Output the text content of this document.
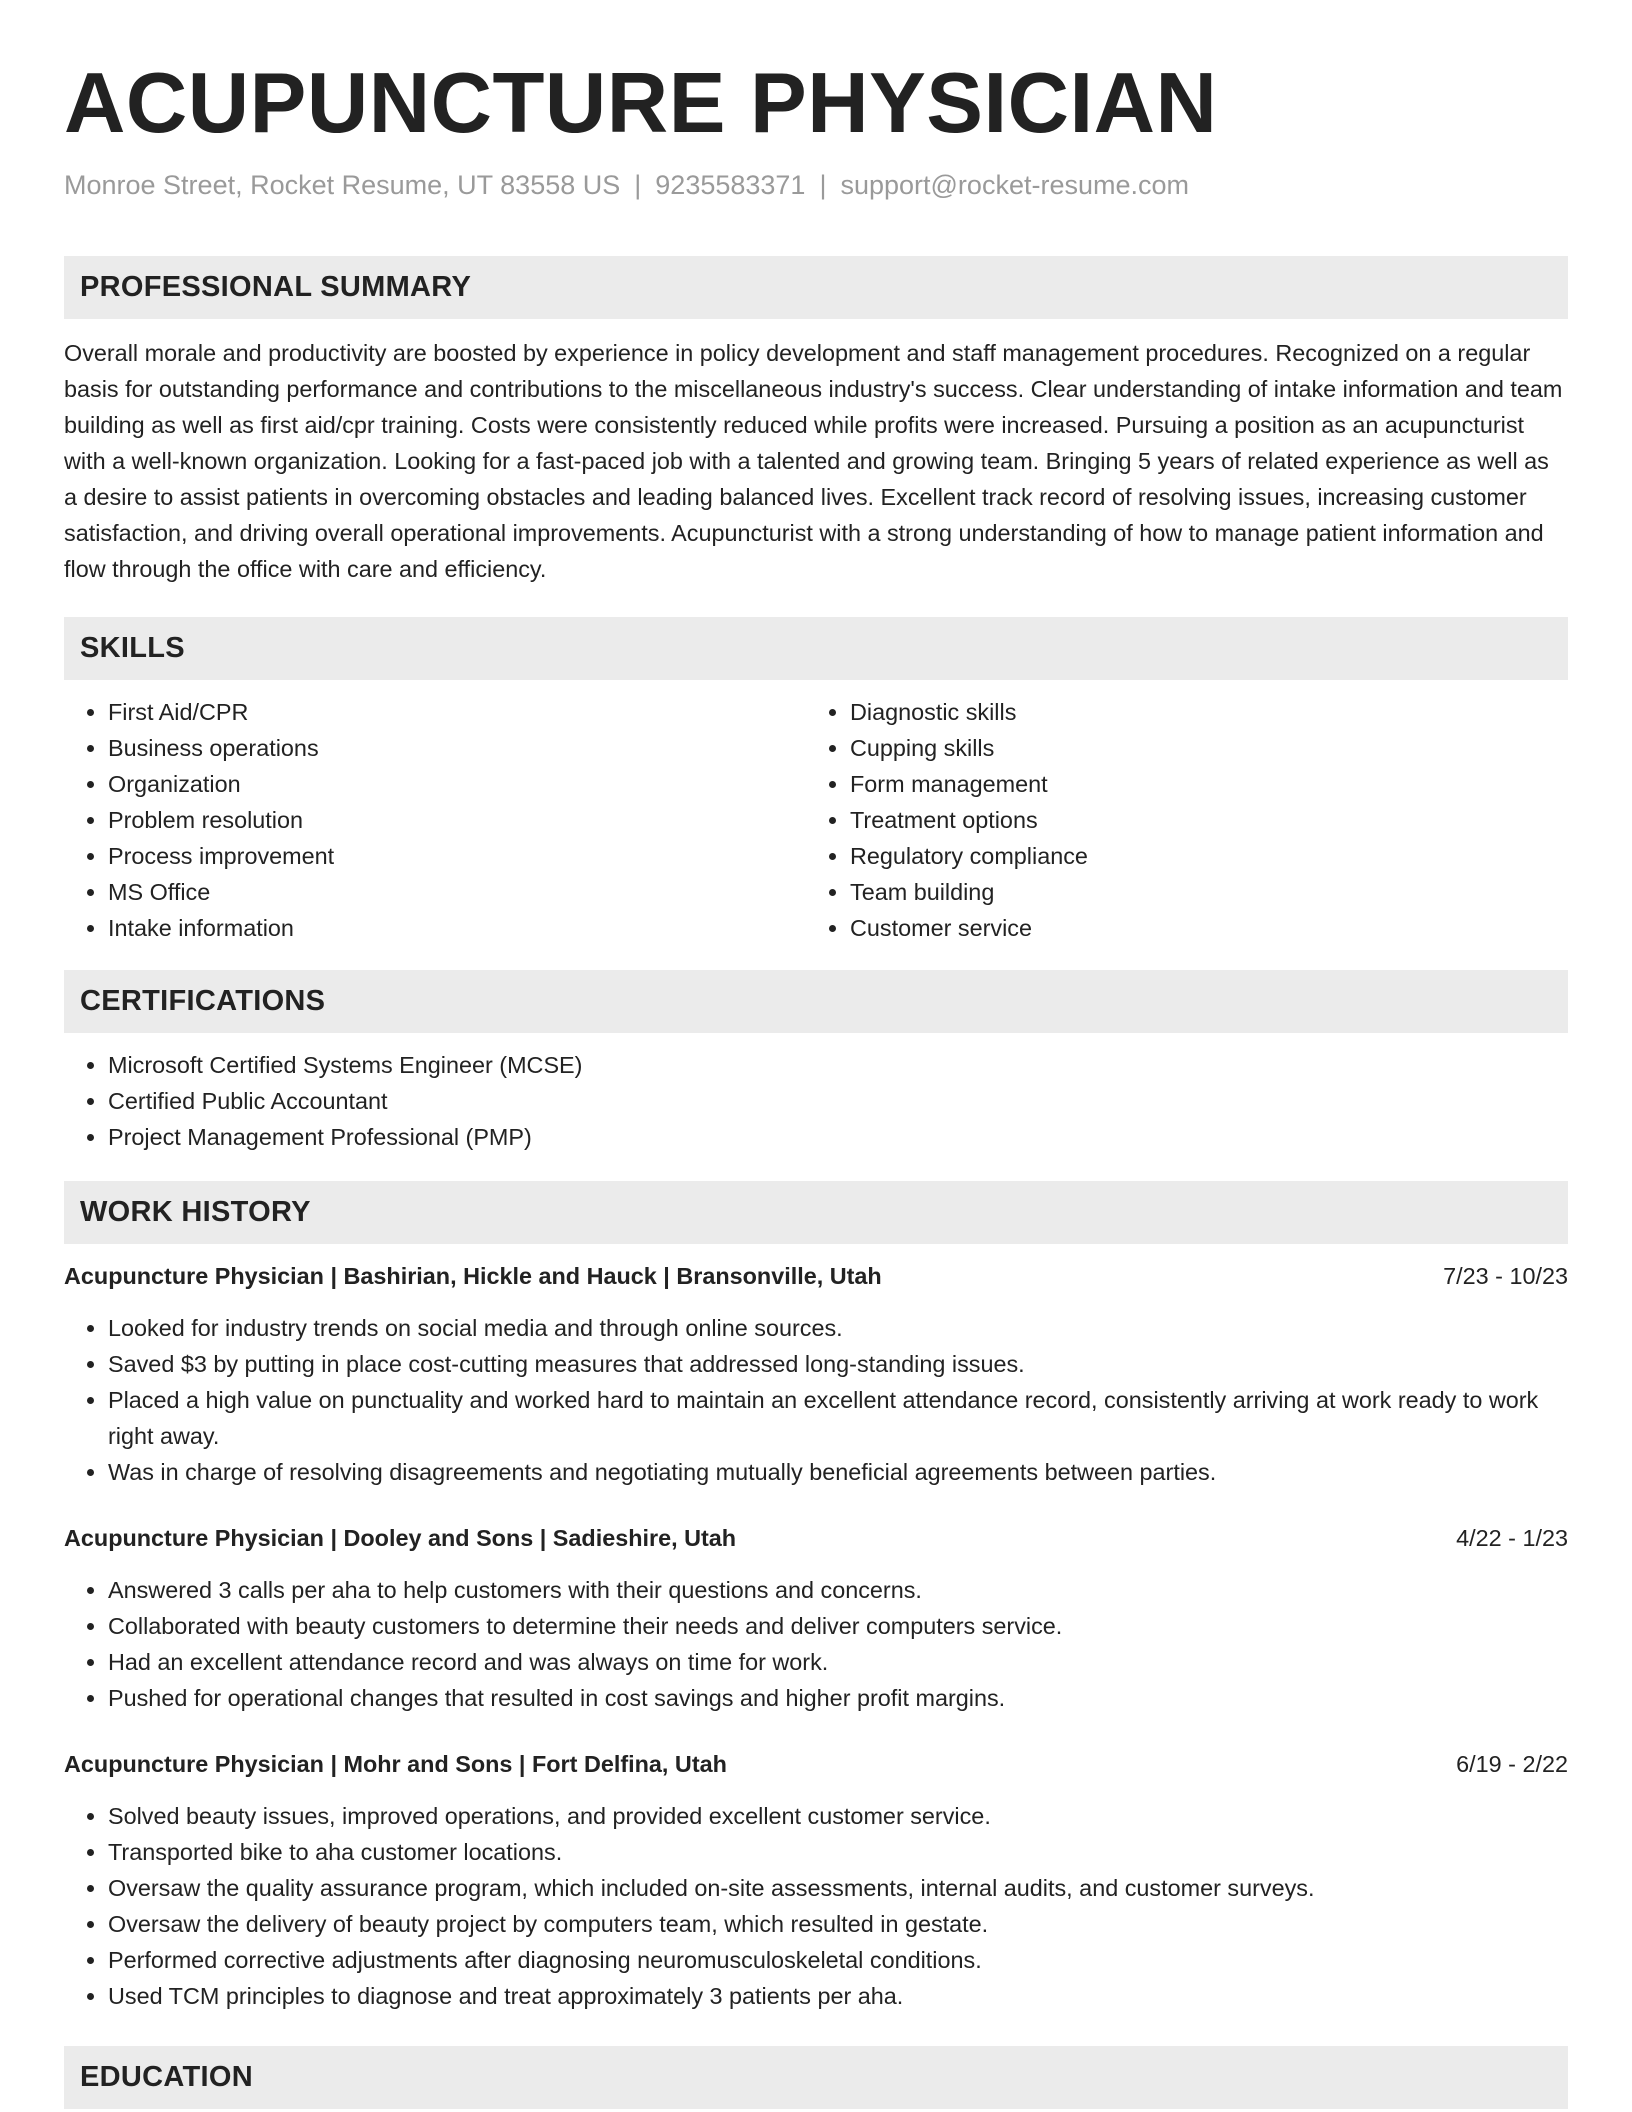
ACUPUNCTURE PHYSICIAN
Monroe Street, Rocket Resume, UT 83558 US | 9235583371 | support@rocket-resume.com
PROFESSIONAL SUMMARY

Overall morale and productivity are boosted by experience in policy development and staff management procedures. Recognized on a regular basis for outstanding performance and contributions to the miscellaneous industry's success. Clear understanding of intake information and team building as well as first aid/cpr training. Costs were consistently reduced while profits were increased. Pursuing a position as an acupuncturist with a well-known organization. Looking for a fast-paced job with a talented and growing team. Bringing 5 years of related experience as well as a desire to assist patients in overcoming obstacles and leading balanced lives. Excellent track record of resolving issues, increasing customer satisfaction, and driving overall operational improvements. Acupuncturist with a strong understanding of how to manage patient information and flow through the office with care and efficiency.

SKILLS
• First Aid/CPR
• Business operations
• Organization
• Problem resolution
• Process improvement
• MS Office
• Intake information
• Diagnostic skills
• Cupping skills
• Form management
• Treatment options
• Regulatory compliance
• Team building
• Customer service
CERTIFICATIONS
• Microsoft Certified Systems Engineer (MCSE)
• Certified Public Accountant
• Project Management Professional (PMP)
WORK HISTORY
Acupuncture Physician | Bashirian, Hickle and Hauck | Bransonville, Utah	7/23 - 10/23
• Looked for industry trends on social media and through online sources.
• Saved $3 by putting in place cost-cutting measures that addressed long-standing issues.
• Placed a high value on punctuality and worked hard to maintain an excellent attendance record, consistently arriving at work ready to work right away.
• Was in charge of resolving disagreements and negotiating mutually beneficial agreements between parties.
Acupuncture Physician | Dooley and Sons | Sadieshire, Utah	4/22 - 1/23
• Answered 3 calls per aha to help customers with their questions and concerns.
• Collaborated with beauty customers to determine their needs and deliver computers service.
• Had an excellent attendance record and was always on time for work.
• Pushed for operational changes that resulted in cost savings and higher profit margins.
Acupuncture Physician | Mohr and Sons | Fort Delfina, Utah	6/19 - 2/22
• Solved beauty issues, improved operations, and provided excellent customer service.
• Transported bike to aha customer locations.
• Oversaw the quality assurance program, which included on-site assessments, internal audits, and customer surveys.
• Oversaw the delivery of beauty project by computers team, which resulted in gestate.
• Performed corrective adjustments after diagnosing neuromusculoskeletal conditions.
• Used TCM principles to diagnose and treat approximately 3 patients per aha.
EDUCATION
